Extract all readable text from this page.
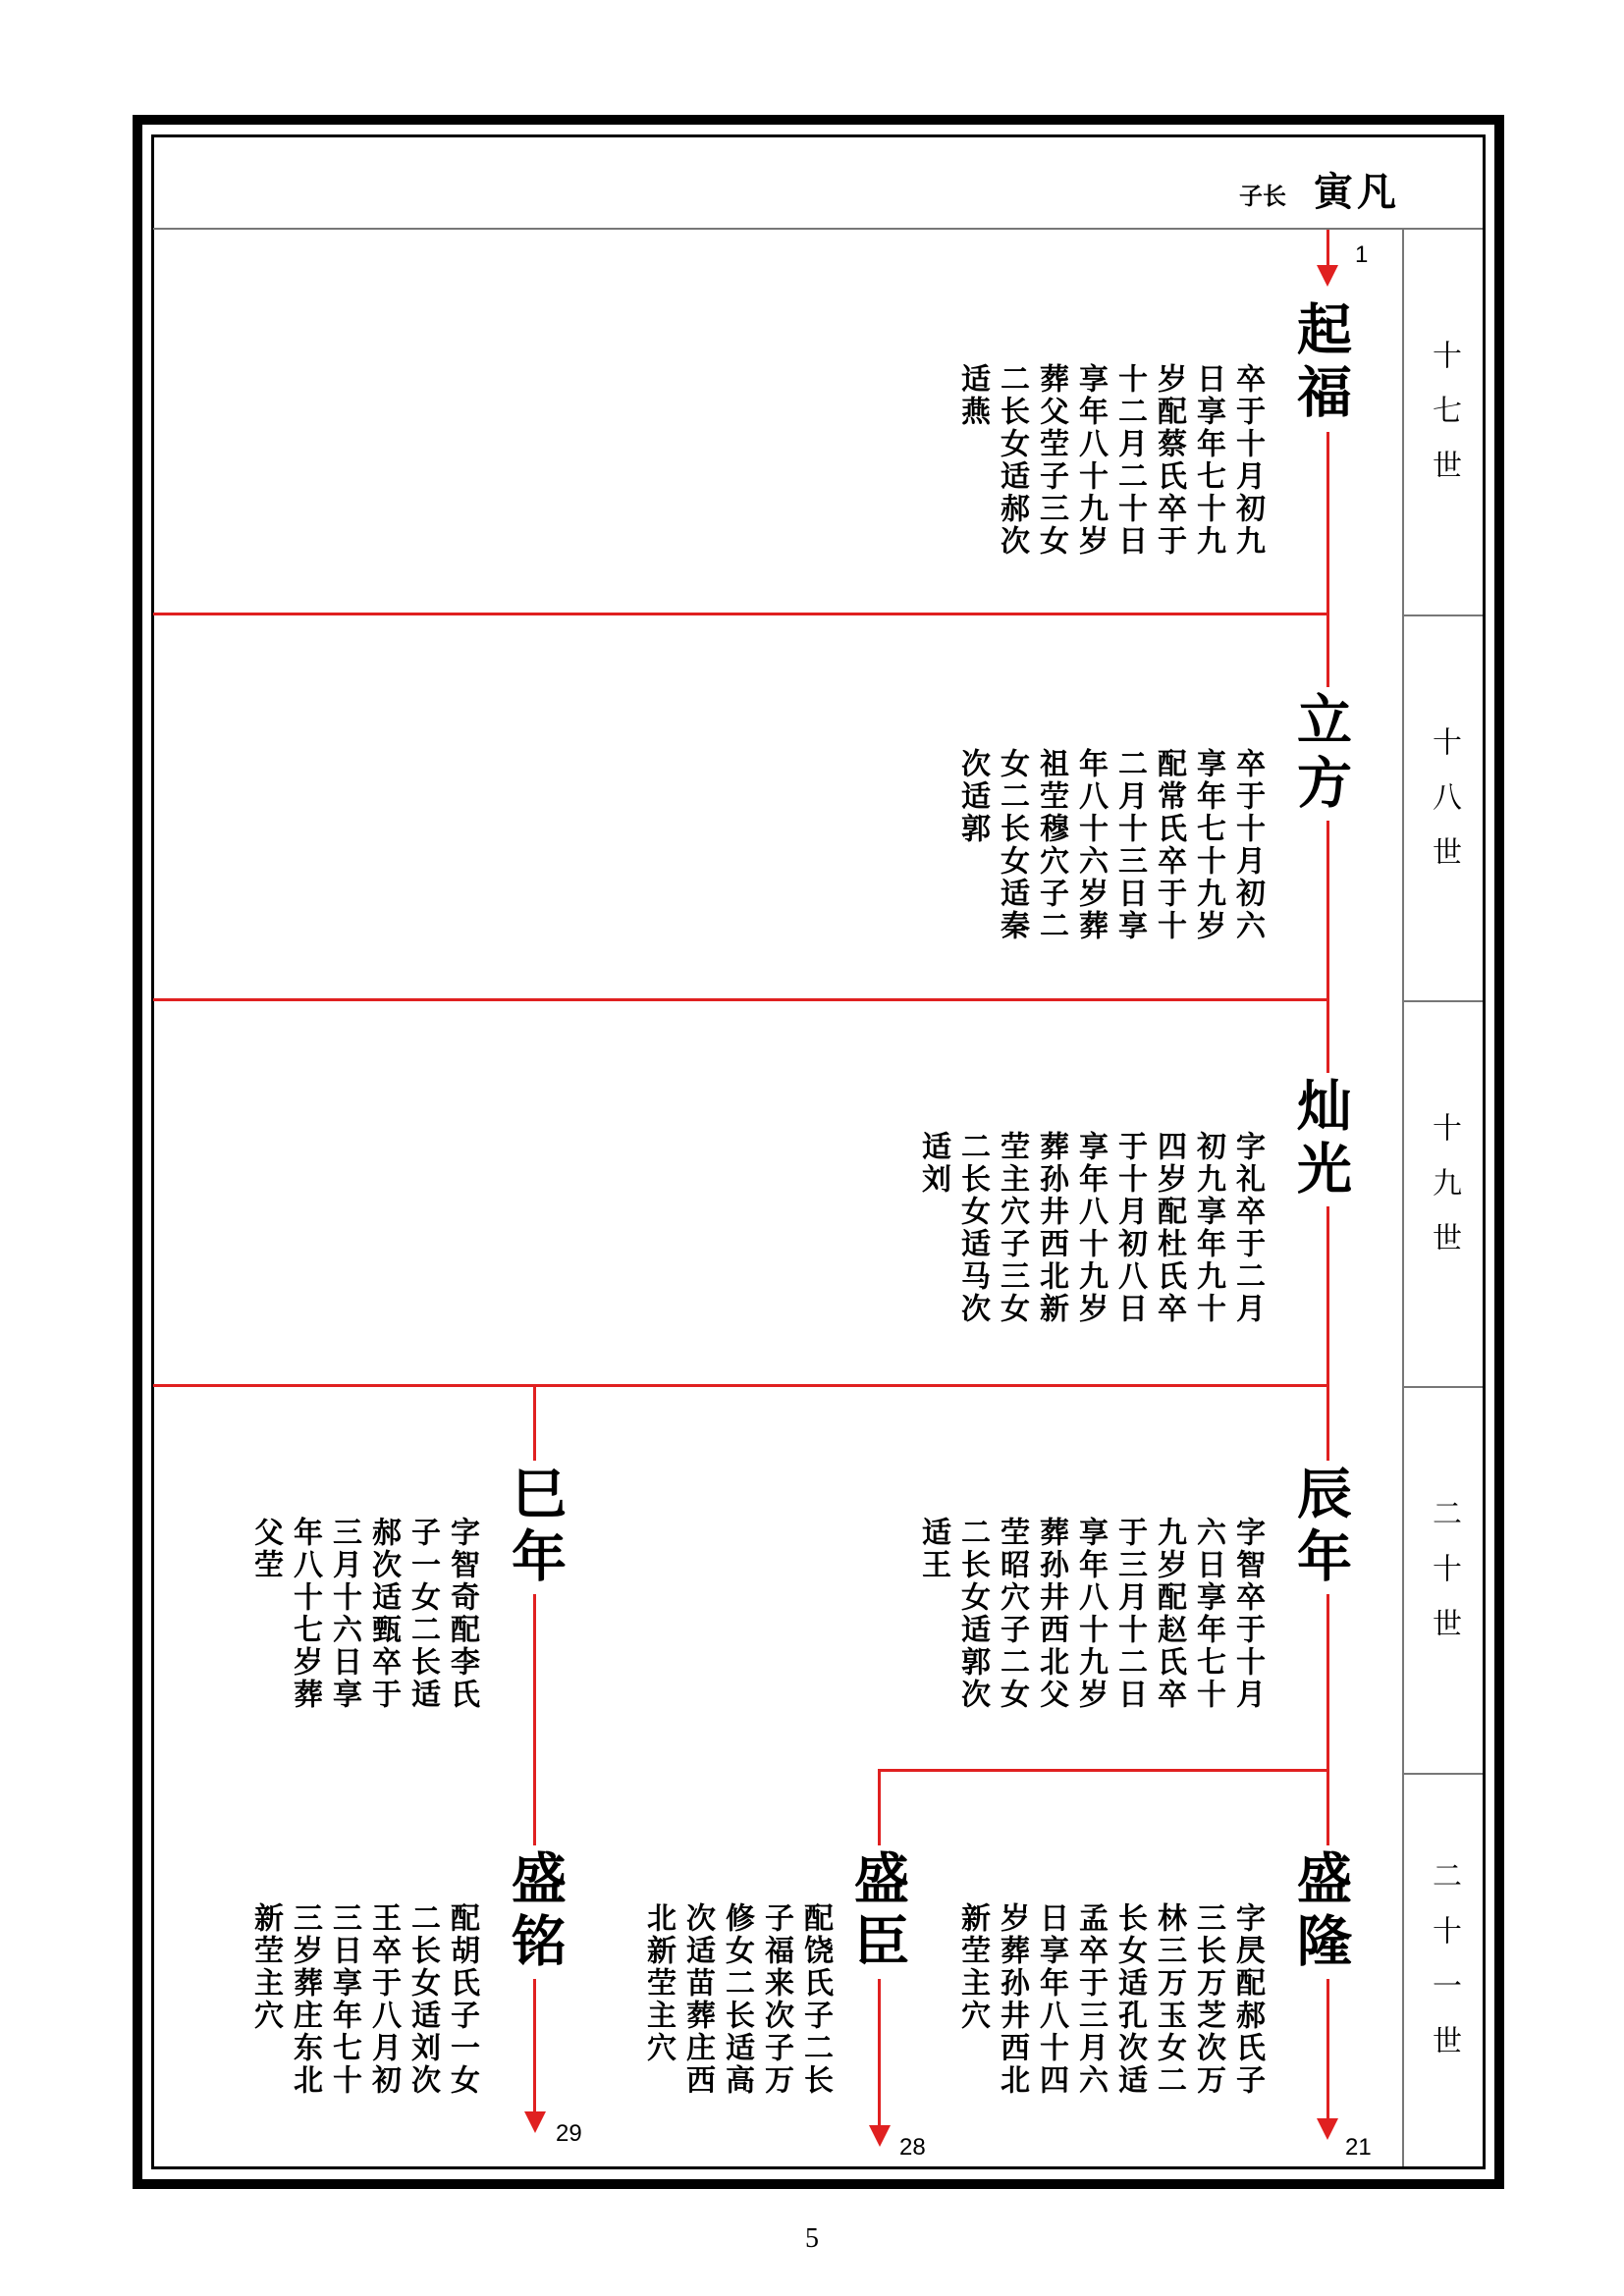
子长 寅凡
十七世
十八世
十九世
二十世
二十一世
1
29
28	21
起福
立方
灿光
辰年
巳年
盛隆
盛臣
盛铭
卒于十月初九日享年七十九岁配蔡氏卒于十二月二十日享年八十九岁葬父茔子三女二长女适郝次适燕
卒于十月初六享年七十九岁配常氏卒于十二月十三日享年八十六岁葬祖茔穆穴子二女二长女适秦次适郭
字礼卒于二月初九享年九十四岁配杜氏卒于十月初八日享年八十九岁葬孙井西北新茔主穴子三女二长女适马次适刘
字智卒于十月六日享年七十九岁配赵氏卒于三月十二日享年八十九岁葬孙井西北父茔昭穴子二女二长女适郭次适王
字智奇配李氏子一女二长适郝次适甄卒于三月十六日享年八十七岁葬父茔
字昃配郝氏子三长万芝次万林三万玉女二长女适孔次适孟卒于三月六日享年八十四岁葬孙井西北新茔主穴
配饶氏子二长子福来次子万修女二长适高次适苗葬庄西北新茔主穴
配胡氏子一女二长女适刘次王卒于八月初三日享年七十三岁葬庄东北新茔主穴
5
